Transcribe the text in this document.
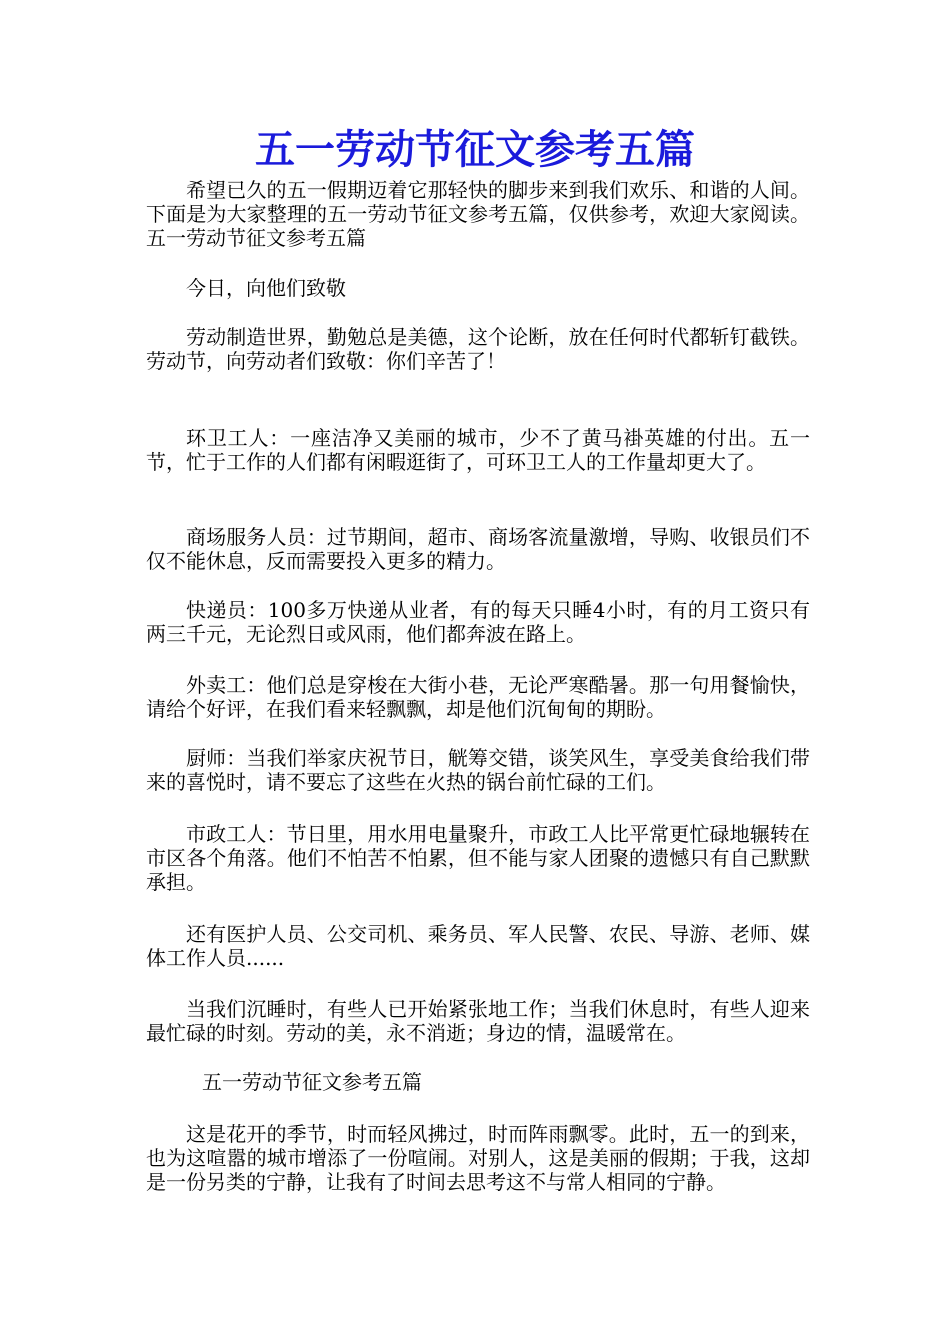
五一劳动节征文参考五篇

希望已久的五一假期迈着它那轻快的脚步来到我们欢乐、和谐的人间。下面是为大家整理的五一劳动节征文参考五篇，仅供参考，欢迎大家阅读。 五一劳动节征文参考五篇

今日，向他们致敬

劳动制造世界，勤勉总是美德，这个论断，放在任何时代都斩钉截铁。劳动节，向劳动者们致敬：你们辛苦了！

环卫工人：一座洁净又美丽的城市，少不了黄马褂英雄的付出。五一节，忙于工作的人们都有闲暇逛街了，可环卫工人的工作量却更大了。

商场服务人员：过节期间，超市、商场客流量激增，导购、收银员们不仅不能休息，反而需要投入更多的精力。

快递员：100多万快递从业者，有的每天只睡4小时，有的月工资只有两三千元，无论烈日或风雨，他们都奔波在路上。

外卖工：他们总是穿梭在大街小巷，无论严寒酷暑。那一句用餐愉快，请给个好评，在我们看来轻飘飘，却是他们沉甸甸的期盼。

厨师：当我们举家庆祝节日，觥筹交错，谈笑风生，享受美食给我们带来的喜悦时，请不要忘了这些在火热的锅台前忙碌的工们。

市政工人：节日里，用水用电量聚升，市政工人比平常更忙碌地辗转在市区各个角落。他们不怕苦不怕累，但不能与家人团聚的遗憾只有自己默默承担。

还有医护人员、公交司机、乘务员、军人民警、农民、导游、老师、媒体工作人员......

当我们沉睡时，有些人已开始紧张地工作；当我们休息时，有些人迎来最忙碌的时刻。劳动的美，永不消逝；身边的情，温暖常在。

五一劳动节征文参考五篇

这是花开的季节，时而轻风拂过，时而阵雨飘零。此时，五一的到来，也为这喧嚣的城市增添了一份喧闹。对别人，这是美丽的假期；于我，这却是一份另类的宁静，让我有了时间去思考这不与常人相同的宁静。
